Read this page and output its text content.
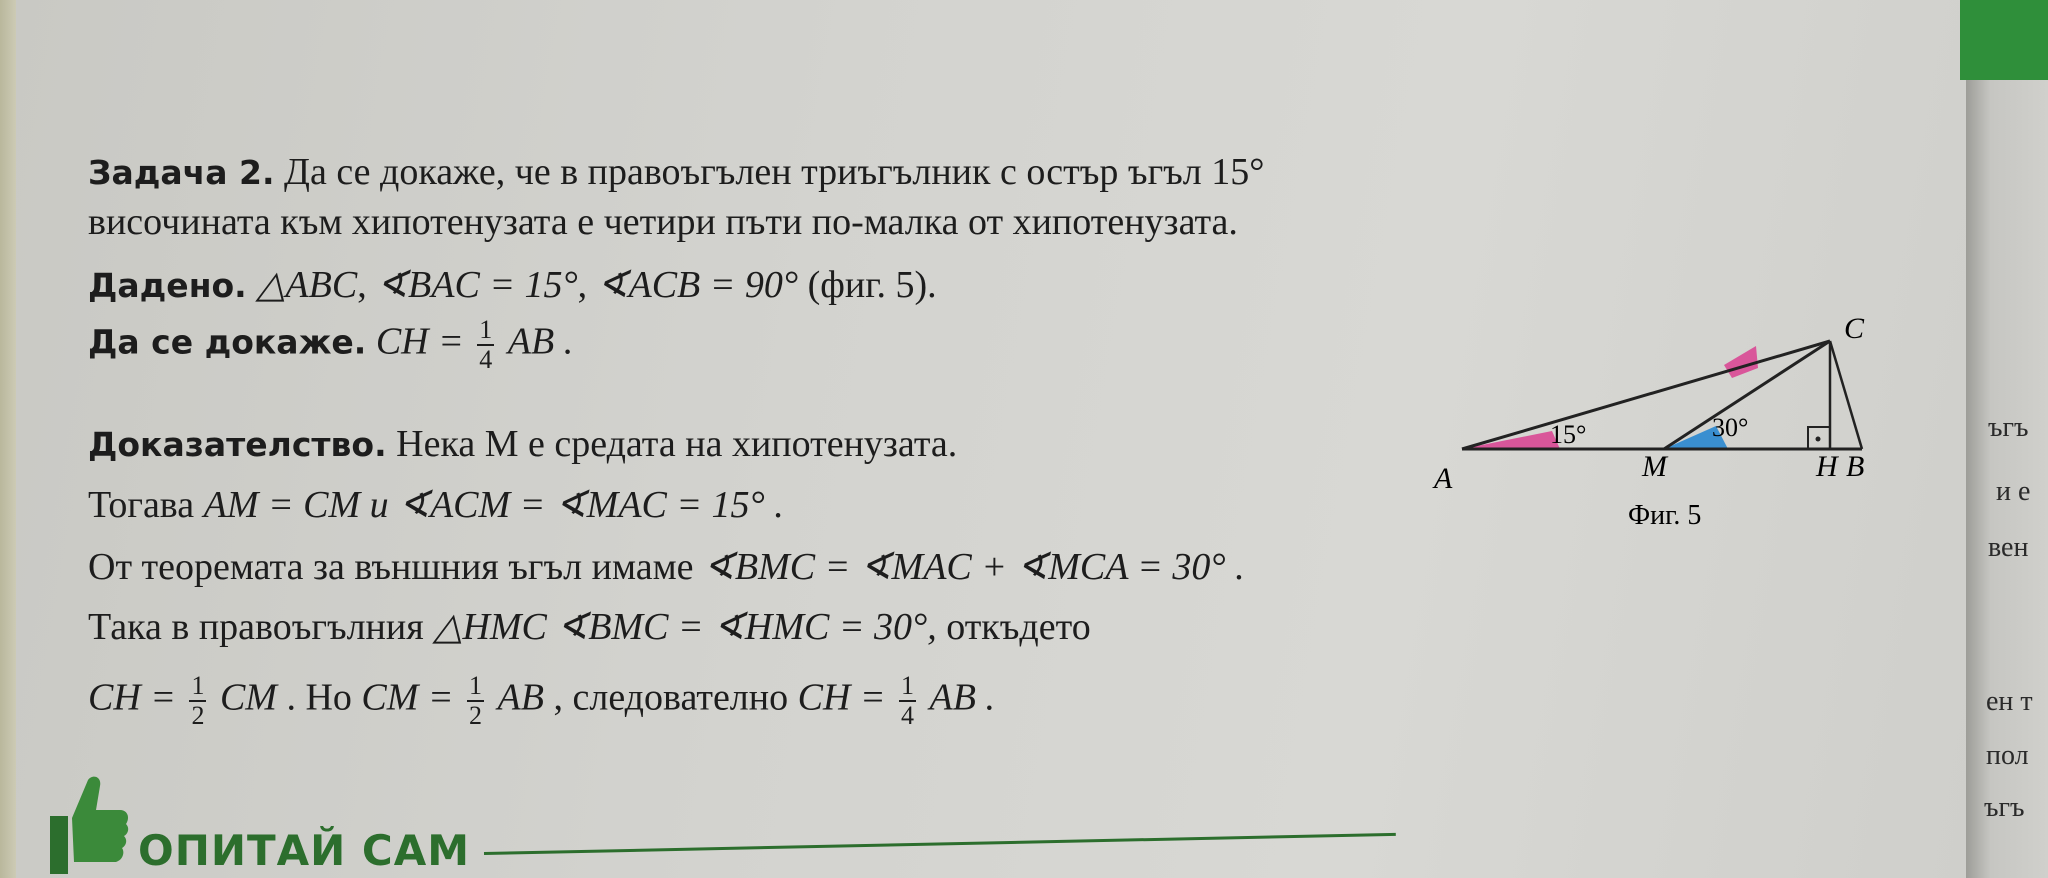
Задача 2. Да се докаже, че в правоъгълен триъгълник с остър ъгъл 15°
височината към хипотенузата е четири пъти по-малка от хипотенузата.
Дадено. △ABC, ∢BAC = 15°, ∢ACB = 90° (фиг. 5).
Да се докаже. CH = $\frac{1}{4}$ AB .
Доказателство. Нека M е средата на хипотенузата.
Тогава AM = CM и ∢ACM = ∢MAC = 15° .
От теоремата за външния ъгъл имаме ∢BMC = ∢MAC + ∢MCA = 30° .
Така в правоъгълния △HMC ∢BMC = ∢HMC = 30°, откъдето
CH = $\frac{1}{2}$ CM . Но CM = $\frac{1}{2}$ AB , следователно CH = $\frac{1}{4}$ AB .
15°	30°
A	M	H B
C
Фиг. 5
ъгъ
и е
вен
ен т
пол
ъгъ
ОПИТАЙ САМ
